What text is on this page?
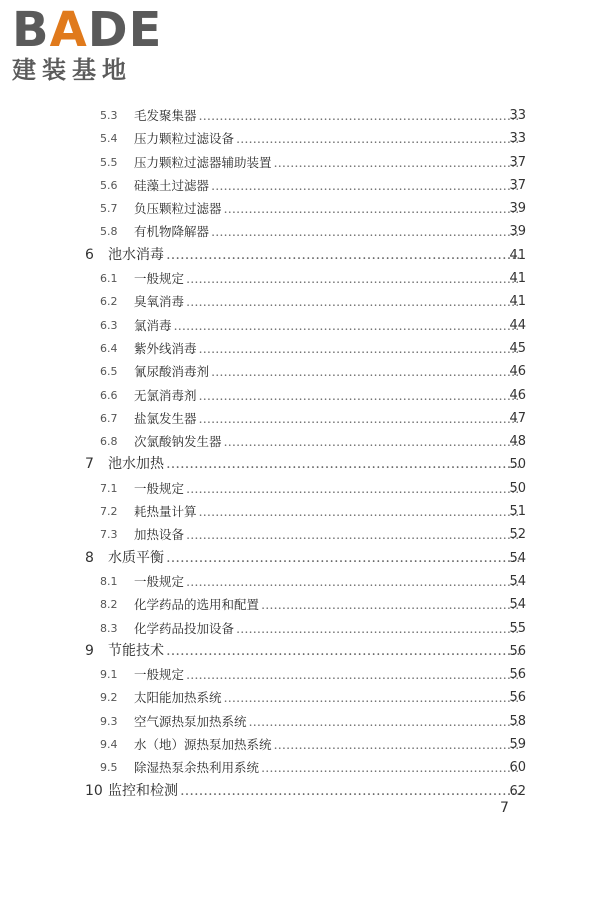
BADE
建装基地
5.3	毛发聚集器 …………………………………………………………………………………………………………………………………………………………………………	33
5.4	压力颗粒过滤设备 …………………………………………………………………………………………………………………………………………………………………………	33
5.5	压力颗粒过滤器辅助装置 …………………………………………………………………………………………………………………………………………………………………………	37
5.6	硅藻土过滤器 …………………………………………………………………………………………………………………………………………………………………………	37
5.7	负压颗粒过滤器 …………………………………………………………………………………………………………………………………………………………………………	39
5.8	有机物降解器 …………………………………………………………………………………………………………………………………………………………………………	39
6	池水消毒 …………………………………………………………………………………………………………………………………………………………………………	41
6.1	一般规定 …………………………………………………………………………………………………………………………………………………………………………	41
6.2	臭氧消毒 …………………………………………………………………………………………………………………………………………………………………………	41
6.3	氯消毒 …………………………………………………………………………………………………………………………………………………………………………	44
6.4	紫外线消毒 …………………………………………………………………………………………………………………………………………………………………………	45
6.5	氰尿酸消毒剂 …………………………………………………………………………………………………………………………………………………………………………	46
6.6	无氯消毒剂 …………………………………………………………………………………………………………………………………………………………………………	46
6.7	盐氯发生器 …………………………………………………………………………………………………………………………………………………………………………	47
6.8	次氯酸钠发生器 …………………………………………………………………………………………………………………………………………………………………………	48
7	池水加热 …………………………………………………………………………………………………………………………………………………………………………	50
7.1	一般规定 …………………………………………………………………………………………………………………………………………………………………………	50
7.2	耗热量计算 …………………………………………………………………………………………………………………………………………………………………………	51
7.3	加热设备 …………………………………………………………………………………………………………………………………………………………………………	52
8	水质平衡 …………………………………………………………………………………………………………………………………………………………………………	54
8.1	一般规定 …………………………………………………………………………………………………………………………………………………………………………	54
8.2	化学药品的选用和配置 …………………………………………………………………………………………………………………………………………………………………………	54
8.3	化学药品投加设备 …………………………………………………………………………………………………………………………………………………………………………	55
9	节能技术 …………………………………………………………………………………………………………………………………………………………………………	56
9.1	一般规定 …………………………………………………………………………………………………………………………………………………………………………	56
9.2	太阳能加热系统 …………………………………………………………………………………………………………………………………………………………………………	56
9.3	空气源热泵加热系统 …………………………………………………………………………………………………………………………………………………………………………	58
9.4	水（地）源热泵加热系统 …………………………………………………………………………………………………………………………………………………………………………	59
9.5	除湿热泵余热利用系统 …………………………………………………………………………………………………………………………………………………………………………	60
10 监控和检测 …………………………………………………………………………………………………………………………………………………………………………	62
7
